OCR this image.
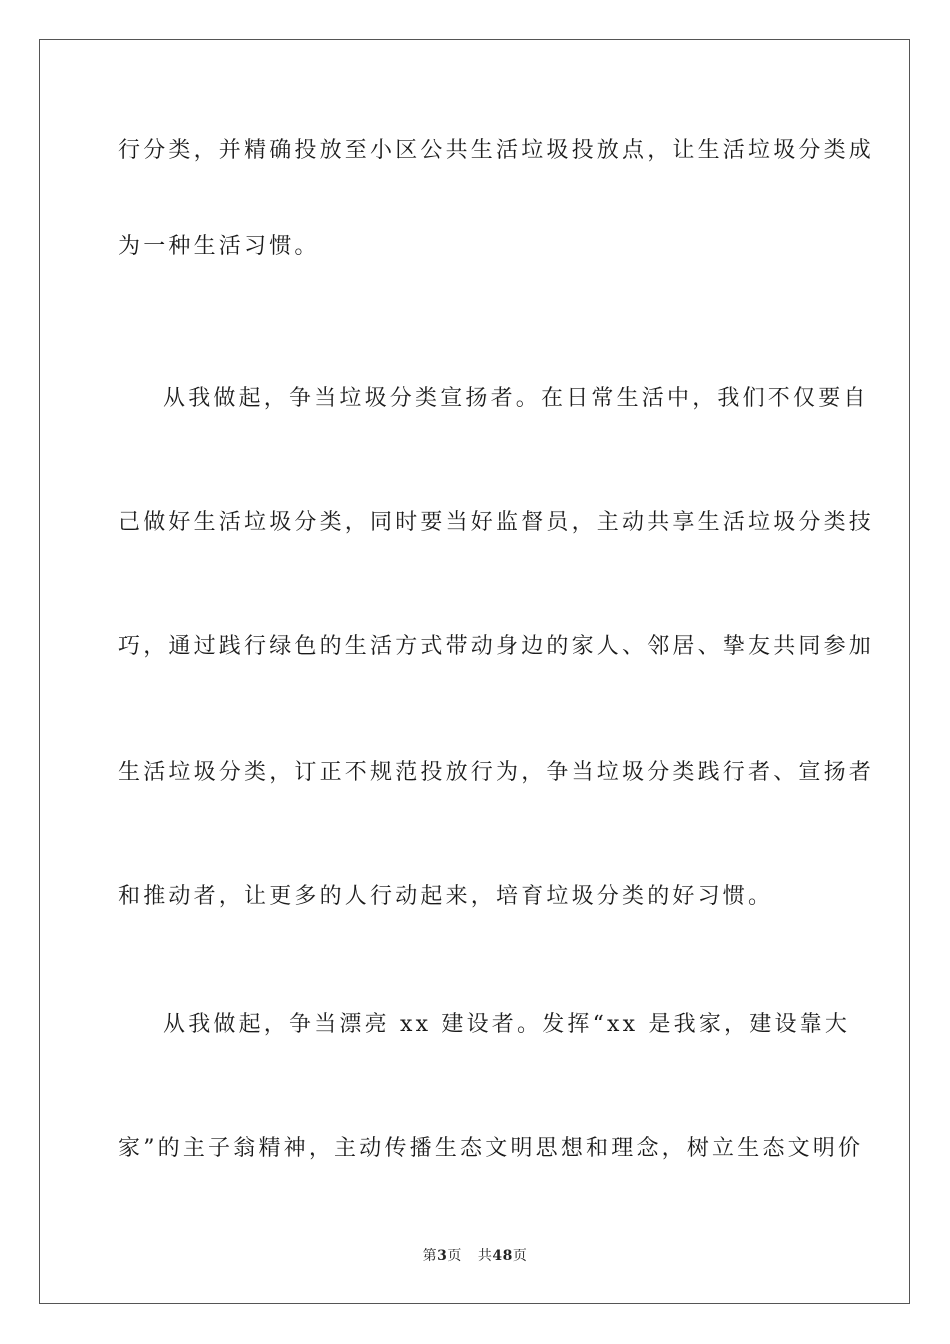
行分类，并精确投放至小区公共生活垃圾投放点，让生活垃圾分类成
为一种生活习惯。
从我做起，争当垃圾分类宣扬者。在日常生活中，我们不仅要自
己做好生活垃圾分类，同时要当好监督员，主动共享生活垃圾分类技
巧，通过践行绿色的生活方式带动身边的家人、邻居、挚友共同参加
生活垃圾分类，订正不规范投放行为，争当垃圾分类践行者、宣扬者
和推动者，让更多的人行动起来，培育垃圾分类的好习惯。
从我做起，争当漂亮 xx 建设者。发挥“xx 是我家，建设靠大
家”的主子翁精神，主动传播生态文明思想和理念，树立生态文明价
第3页 共48页
